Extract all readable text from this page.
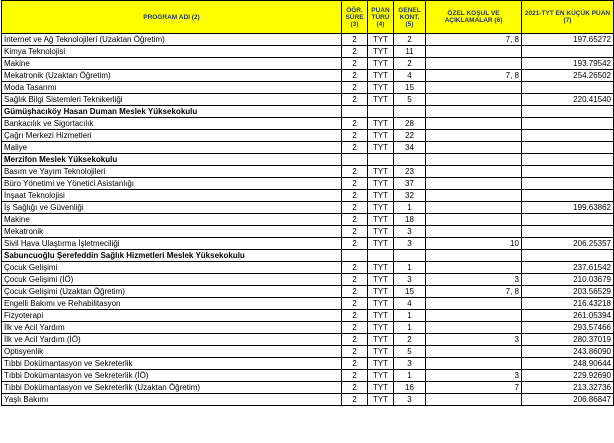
PROGRAM ADI (2)	ÖĞR. SÜRE (3)	PUAN TÜRÜ (4)	GENEL KONT. (5)	ÖZEL KOŞUL VE AÇIKLAMALAR (6)	2021-TYT EN KÜÇÜK PUAN (7)
İnternet ve Ağ Teknolojileri (Uzaktan Öğretim)	2	TYT	2	7, 8	197.65272
Kimya Teknolojisi	2	TYT	11		
Makine	2	TYT	2		193.79542
Mekatronik (Uzaktan Öğretim)	2	TYT	4	7, 8	254.26502
Moda Tasarımı	2	TYT	15		
Sağlık Bilgi Sistemleri Teknikerliği	2	TYT	5		220.41540
Gümüşhacıköy Hasan Duman Meslek Yüksekokulu					
Bankacılık ve Sigortacılık	2	TYT	28		
Çağrı Merkezi Hizmetleri	2	TYT	22		
Maliye	2	TYT	34		
Merzifon Meslek Yüksekokulu					
Basım ve Yayım Teknolojileri	2	TYT	23		
Büro Yönetimi ve Yönetici Asistanlığı	2	TYT	37		
İnşaat Teknolojisi	2	TYT	32		
İş Sağlığı ve Güvenliği	2	TYT	1		199.63862
Makine	2	TYT	18		
Mekatronik	2	TYT	3		
Sivil Hava Ulaştırma İşletmeciliği	2	TYT	3	10	206.25357
Sabuncuoğlu Şerefeddin Sağlık Hizmetleri Meslek Yüksekokulu					
Çocuk Gelişimi	2	TYT	1		237.61542
Çocuk Gelişimi (İÖ)	2	TYT	3	3	210.03679
Çocuk Gelişimi (Uzaktan Öğretim)	2	TYT	15	7, 8	203.56529
Engelli Bakımı ve Rehabilitasyon	2	TYT	4		216.43218
Fizyoterapi	2	TYT	1		261.05394
İlk ve Acil Yardım	2	TYT	1		293.57466
İlk ve Acil Yardım (İÖ)	2	TYT	2	3	280.37019
Optisyenlik	2	TYT	5		243.86090
Tıbbi Dokümantasyon ve Sekreterlik	2	TYT	3		248.90644
Tıbbi Dokümantasyon ve Sekreterlik (İÖ)	2	TYT	1	3	229.92690
Tıbbi Dokümantasyon ve Sekreterlik (Uzaktan Öğretim)	2	TYT	16	7	213.32736
Yaşlı Bakımı	2	TYT	3		206.86847
